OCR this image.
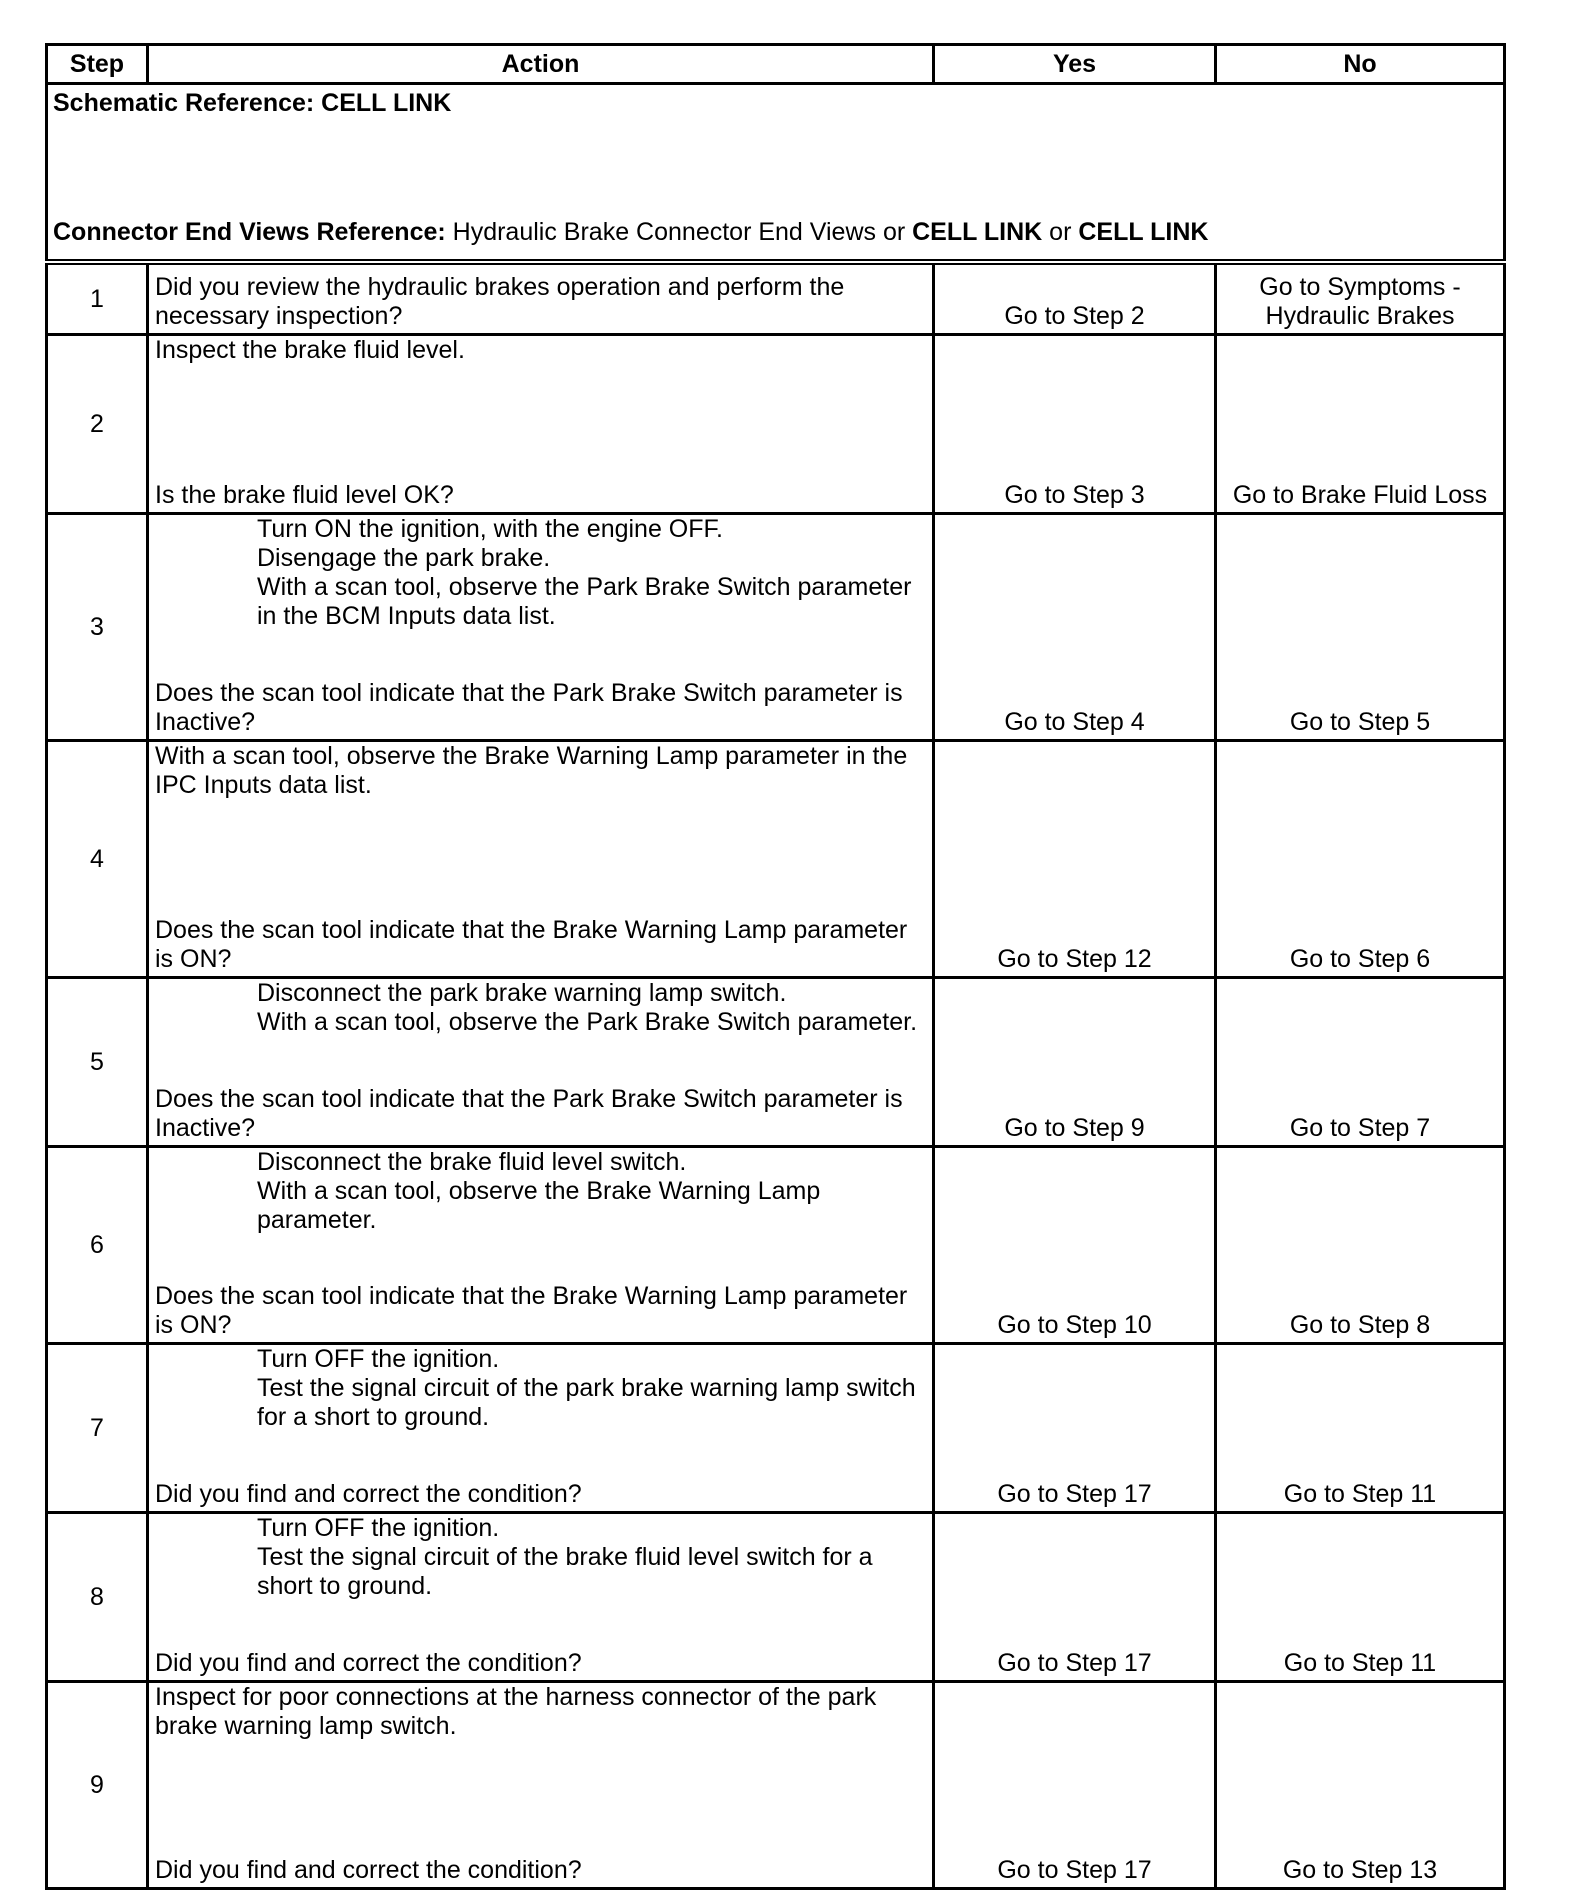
Step	Action	Yes	No

Schematic Reference: CELL LINK
Connector End Views Reference: Hydraulic Brake Connector End Views or CELL LINK or CELL LINK			

1	Did you review the hydraulic brakes operation and perform the necessary inspection?	Go to Step 2	Go to Symptoms - Hydraulic Brakes
2	Inspect the brake fluid level.
Is the brake fluid level OK?	Go to Step 3	Go to Brake Fluid Loss
3	Turn ON the ignition, with the engine OFF.
Disengage the park brake.
With a scan tool, observe the Park Brake Switch parameter in the BCM Inputs data list.
Does the scan tool indicate that the Park Brake Switch parameter is Inactive?	Go to Step 4	Go to Step 5
4	With a scan tool, observe the Brake Warning Lamp parameter in the IPC Inputs data list.
Does the scan tool indicate that the Brake Warning Lamp parameter is ON?	Go to Step 12	Go to Step 6
5	Disconnect the park brake warning lamp switch.
With a scan tool, observe the Park Brake Switch parameter.
Does the scan tool indicate that the Park Brake Switch parameter is Inactive?	Go to Step 9	Go to Step 7
6	Disconnect the brake fluid level switch.
With a scan tool, observe the Brake Warning Lamp parameter.
Does the scan tool indicate that the Brake Warning Lamp parameter is ON?	Go to Step 10	Go to Step 8
7	Turn OFF the ignition.
Test the signal circuit of the park brake warning lamp switch for a short to ground.
Did you find and correct the condition?	Go to Step 17	Go to Step 11
8	Turn OFF the ignition.
Test the signal circuit of the brake fluid level switch for a short to ground.
Did you find and correct the condition?	Go to Step 17	Go to Step 11
9	Inspect for poor connections at the harness connector of the park brake warning lamp switch.
Did you find and correct the condition?	Go to Step 17	Go to Step 13
